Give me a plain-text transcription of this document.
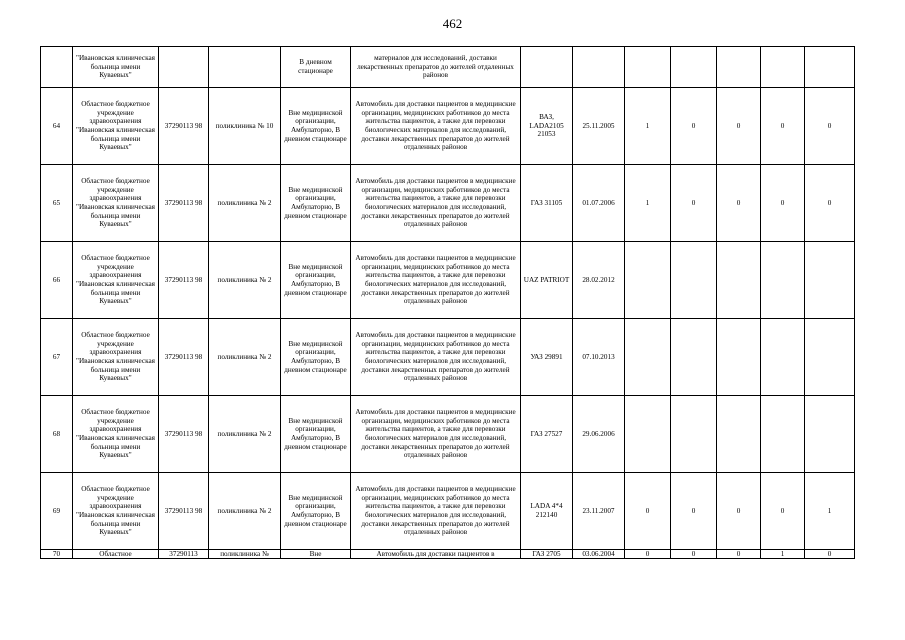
462
	"Ивановская клиническая больница имени Куваевых"			В дневном стационаре	материалов для исследований, доставки лекарственных препаратов до жителей отдаленных районов							
64	Областное бюджетное учреждение здравоохранения "Ивановская клиническая больница имени Куваевых"	37290113 98	поликлиника № 10	Вне медицинской организации, Амбулаторно, В дневном стационаре	Автомобиль для доставки пациентов в медицинские организации, медицинских работников до места жительства пациентов, а также для перевозки биологических материалов для исследований, доставки лекарственных препаратов до жителей отдаленных районов	ВАЗ, LADA2105 21053	25.11.2005	1	0	0	0	0
65	Областное бюджетное учреждение здравоохранения "Ивановская клиническая больница имени Куваевых"	37290113 98	поликлиника № 2	Вне медицинской организации, Амбулаторно, В дневном стационаре	Автомобиль для доставки пациентов в медицинские организации, медицинских работников до места жительства пациентов, а также для перевозки биологических материалов для исследований, доставки лекарственных препаратов до жителей отдаленных районов	ГАЗ 31105	01.07.2006	1	0	0	0	0
66	Областное бюджетное учреждение здравоохранения "Ивановская клиническая больница имени Куваевых"	37290113 98	поликлиника № 2	Вне медицинской организации, Амбулаторно, В дневном стационаре	Автомобиль для доставки пациентов в медицинские организации, медицинских работников до места жительства пациентов, а также для перевозки биологических материалов для исследований, доставки лекарственных препаратов до жителей отдаленных районов	UAZ PATRIOT	28.02.2012					
67	Областное бюджетное учреждение здравоохранения "Ивановская клиническая больница имени Куваевых"	37290113 98	поликлиника № 2	Вне медицинской организации, Амбулаторно, В дневном стационаре	Автомобиль для доставки пациентов в медицинские организации, медицинских работников до места жительства пациентов, а также для перевозки биологических материалов для исследований, доставки лекарственных препаратов до жителей отдаленных районов	УАЗ 29891	07.10.2013					
68	Областное бюджетное учреждение здравоохранения "Ивановская клиническая больница имени Куваевых"	37290113 98	поликлиника № 2	Вне медицинской организации, Амбулаторно, В дневном стационаре	Автомобиль для доставки пациентов в медицинские организации, медицинских работников до места жительства пациентов, а также для перевозки биологических материалов для исследований, доставки лекарственных препаратов до жителей отдаленных районов	ГАЗ 27527	29.06.2006					
69	Областное бюджетное учреждение здравоохранения "Ивановская клиническая больница имени Куваевых"	37290113 98	поликлиника № 2	Вне медицинской организации, Амбулаторно, В дневном стационаре	Автомобиль для доставки пациентов в медицинские организации, медицинских работников до места жительства пациентов, а также для перевозки биологических материалов для исследований, доставки лекарственных препаратов до жителей отдаленных районов	LADA 4*4 212140	23.11.2007	0	0	0	0	1
70	Областное	37290113	поликлиника №	Вне	Автомобиль для доставки пациентов в	ГАЗ 2705	03.06.2004	0	0	0	1	0
